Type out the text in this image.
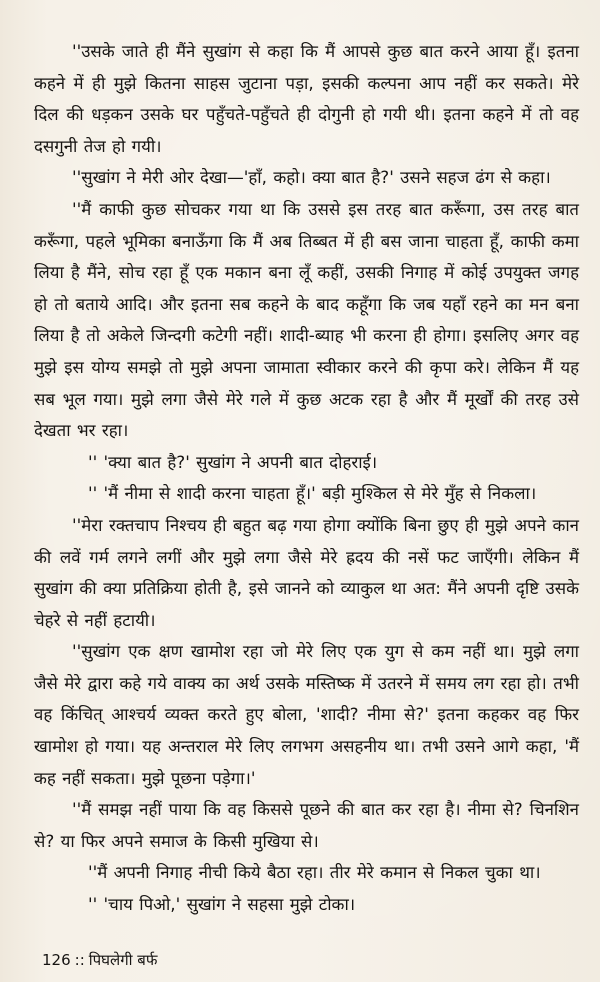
''उसके जाते ही मैंने सुखांग से कहा कि मैं आपसे कुछ बात करने आया हूँ। इतना कहने में ही मुझे कितना साहस जुटाना पड़ा, इसकी कल्पना आप नहीं कर सकते। मेरे दिल की धड़कन उसके घर पहुँचते-पहुँचते ही दोगुनी हो गयी थी। इतना कहने में तो वह दसगुनी तेज हो गयी।

''सुखांग ने मेरी ओर देखा—'हाँ, कहो। क्या बात है?' उसने सहज ढंग से कहा।

''मैं काफी कुछ सोचकर गया था कि उससे इस तरह बात करूँगा, उस तरह बात करूँगा, पहले भूमिका बनाऊँगा कि मैं अब तिब्बत में ही बस जाना चाहता हूँ, काफी कमा लिया है मैंने, सोच रहा हूँ एक मकान बना लूँ कहीं, उसकी निगाह में कोई उपयुक्त जगह हो तो बताये आदि। और इतना सब कहने के बाद कहूँगा कि जब यहाँ रहने का मन बना लिया है तो अकेले जिन्दगी कटेगी नहीं। शादी-ब्याह भी करना ही होगा। इसलिए अगर वह मुझे इस योग्य समझे तो मुझे अपना जामाता स्वीकार करने की कृपा करे। लेकिन मैं यह सब भूल गया। मुझे लगा जैसे मेरे गले में कुछ अटक रहा है और मैं मूर्खों की तरह उसे देखता भर रहा।

'' 'क्या बात है?' सुखांग ने अपनी बात दोहराई।

'' 'मैं नीमा से शादी करना चाहता हूँ।' बड़ी मुश्किल से मेरे मुँह से निकला।

''मेरा रक्तचाप निश्चय ही बहुत बढ़ गया होगा क्योंकि बिना छुए ही मुझे अपने कान की लवें गर्म लगने लगीं और मुझे लगा जैसे मेरे ह्रदय की नसें फट जाएँगी। लेकिन मैं सुखांग की क्या प्रतिक्रिया होती है, इसे जानने को व्याकुल था अत: मैंने अपनी दृष्टि उसके चेहरे से नहीं हटायी।

''सुखांग एक क्षण खामोश रहा जो मेरे लिए एक युग से कम नहीं था। मुझे लगा जैसे मेरे द्वारा कहे गये वाक्य का अर्थ उसके मस्तिष्क में उतरने में समय लग रहा हो। तभी वह किंचित् आश्चर्य व्यक्त करते हुए बोला, 'शादी? नीमा से?' इतना कहकर वह फिर खामोश हो गया। यह अन्तराल मेरे लिए लगभग असहनीय था। तभी उसने आगे कहा, 'मैं कह नहीं सकता। मुझे पूछना पड़ेगा।'

''मैं समझ नहीं पाया कि वह किससे पूछने की बात कर रहा है। नीमा से? चिनशिन से? या फिर अपने समाज के किसी मुखिया से।

''मैं अपनी निगाह नीची किये बैठा रहा। तीर मेरे कमान से निकल चुका था।

'' 'चाय पिओ,' सुखांग ने सहसा मुझे टोका।

126 :: पिघलेगी बर्फ
